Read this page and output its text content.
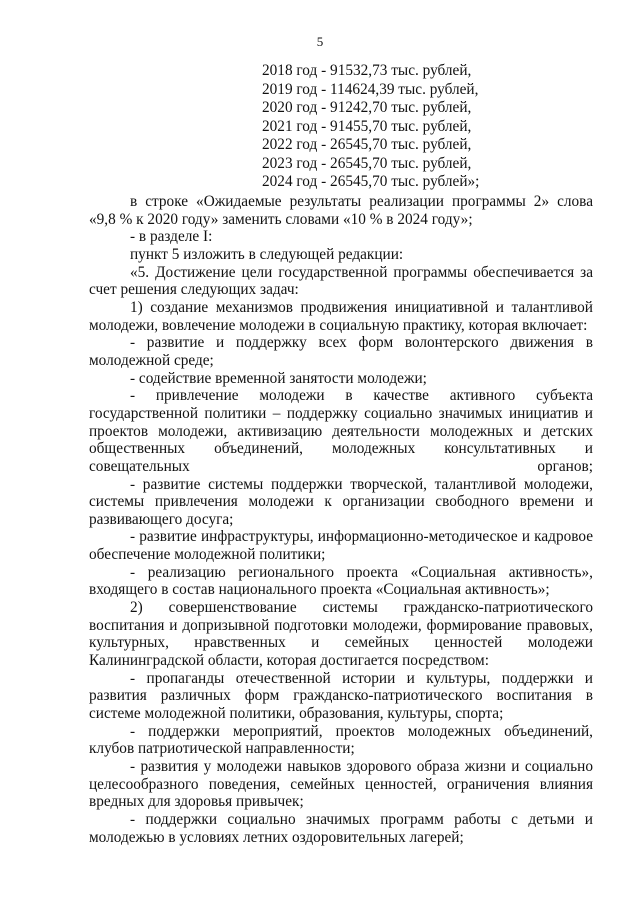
5
2018 год - 91532,73 тыс. рублей,
2019 год - 114624,39 тыс. рублей,
2020 год - 91242,70 тыс. рублей,
2021 год - 91455,70 тыс. рублей,
2022 год - 26545,70 тыс. рублей,
2023 год - 26545,70 тыс. рублей,
2024 год - 26545,70 тыс. рублей»;

в строке «Ожидаемые результаты реализации программы 2» слова «9,8 % к 2020 году» заменить словами «10 % в 2024 году»;

- в разделе I:

пункт 5 изложить в следующей редакции:

«5. Достижение цели государственной программы обеспечивается за счет решения следующих задач:

1) создание механизмов продвижения инициативной и талантливой молодежи, вовлечение молодежи в социальную практику, которая включает:

- развитие и поддержку всех форм волонтерского движения в молодежной среде;

- содействие временной занятости молодежи;

- привлечение молодежи в качестве активного субъекта государственной политики – поддержку социально значимых инициатив и проектов молодежи, активизацию деятельности молодежных и детских общественных объединений, молодежных консультативных и совещательных органов;

- развитие системы поддержки творческой, талантливой молодежи, системы привлечения молодежи к организации свободного времени и развивающего досуга;

- развитие инфраструктуры, информационно-методическое и кадровое обеспечение молодежной политики;

- реализацию регионального проекта «Социальная активность», входящего в состав национального проекта «Социальная активность»;

2) совершенствование системы гражданско-патриотического воспитания и допризывной подготовки молодежи, формирование правовых, культурных, нравственных и семейных ценностей молодежи Калининградской области, которая достигается посредством:

- пропаганды отечественной истории и культуры, поддержки и развития различных форм гражданско-патриотического воспитания в системе молодежной политики, образования, культуры, спорта;

- поддержки мероприятий, проектов молодежных объединений, клубов патриотической направленности;

- развития у молодежи навыков здорового образа жизни и социально целесообразного поведения, семейных ценностей, ограничения влияния вредных для здоровья привычек;

- поддержки социально значимых программ работы с детьми и молодежью в условиях летних оздоровительных лагерей;
